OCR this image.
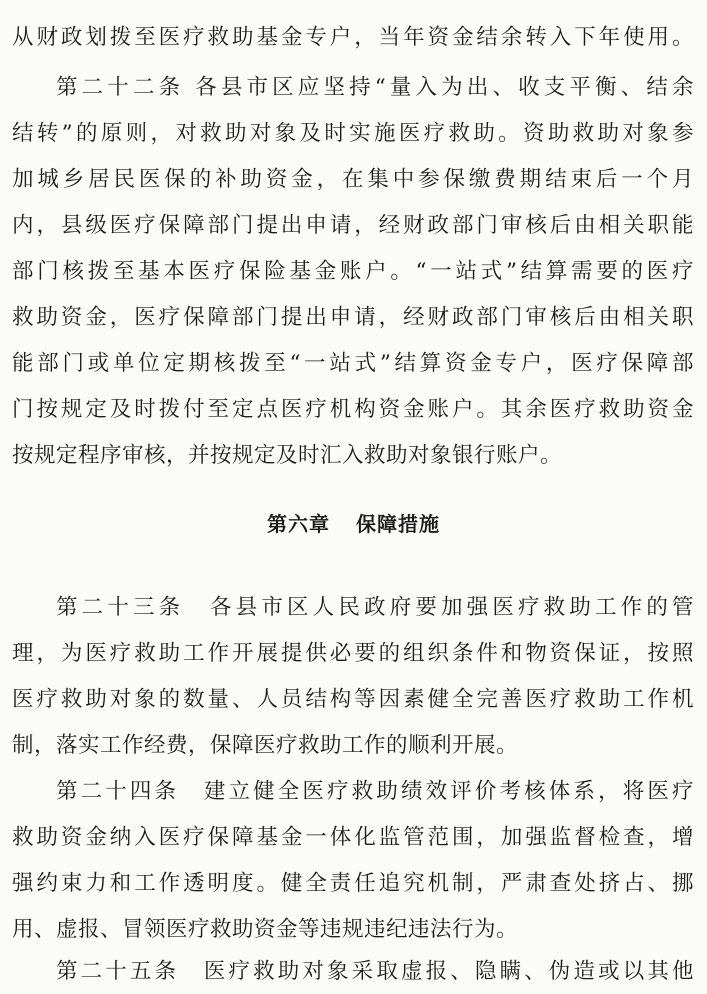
从财政划拨至医疗救助基金专户，当年资金结余转入下年使用。
第二十二条 各县市区应坚持“量入为出、收支平衡、结余
结转”的原则，对救助对象及时实施医疗救助。资助救助对象参
加城乡居民医保的补助资金，在集中参保缴费期结束后一个月
内，县级医疗保障部门提出申请，经财政部门审核后由相关职能
部门核拨至基本医疗保险基金账户。“一站式”结算需要的医疗
救助资金，医疗保障部门提出申请，经财政部门审核后由相关职
能部门或单位定期核拨至“一站式”结算资金专户，医疗保障部
门按规定及时拨付至定点医疗机构资金账户。其余医疗救助资金
按规定程序审核，并按规定及时汇入救助对象银行账户。
第六章 保障措施
第二十三条　各县市区人民政府要加强医疗救助工作的管
理，为医疗救助工作开展提供必要的组织条件和物资保证，按照
医疗救助对象的数量、人员结构等因素健全完善医疗救助工作机
制，落实工作经费，保障医疗救助工作的顺利开展。
第二十四条　建立健全医疗救助绩效评价考核体系，将医疗
救助资金纳入医疗保障基金一体化监管范围，加强监督检查，增
强约束力和工作透明度。健全责任追究机制，严肃查处挤占、挪
用、虚报、冒领医疗救助资金等违规违纪违法行为。
第二十五条　医疗救助对象采取虚报、隐瞒、伪造或以其他
